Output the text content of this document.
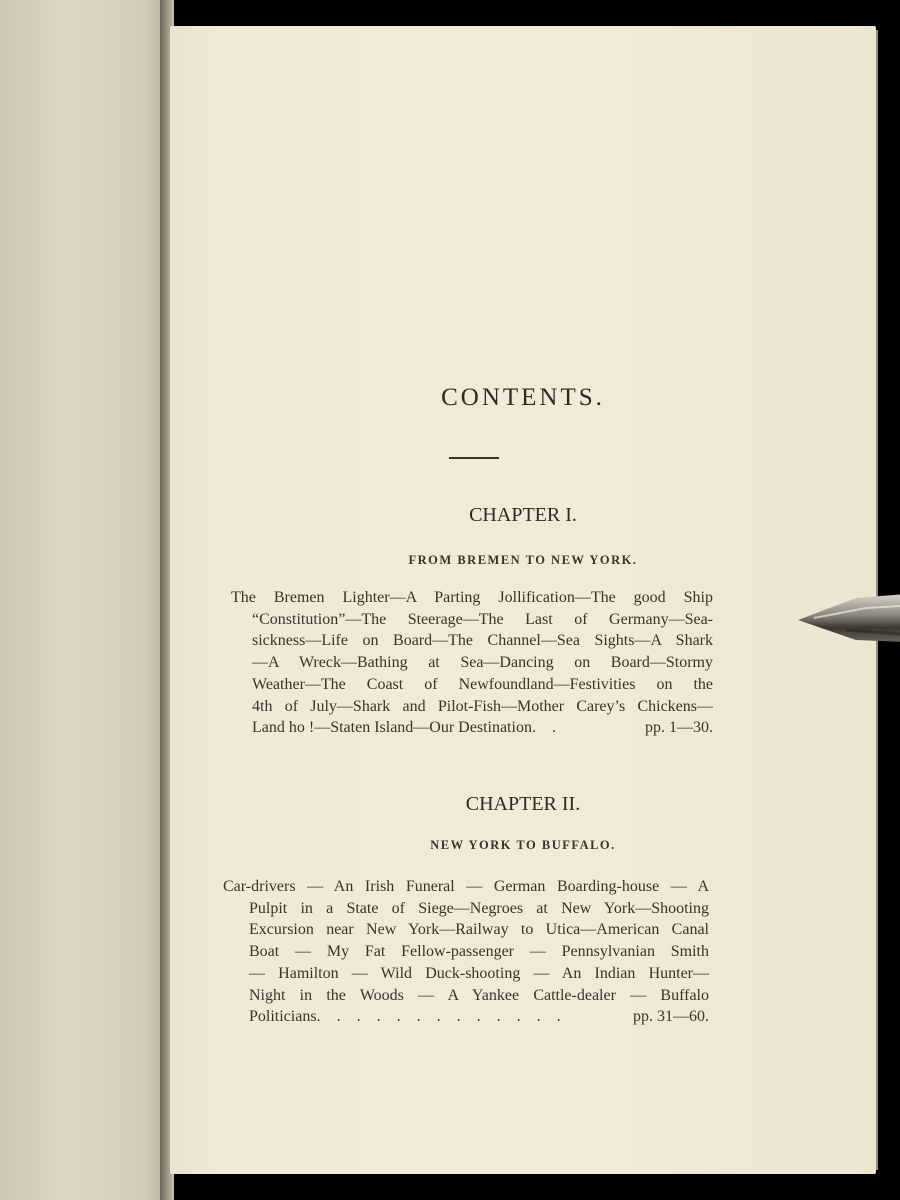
CONTENTS.
CHAPTER I.
FROM BREMEN TO NEW YORK.
The Bremen Lighter—A Parting Jollification—The good Ship
“Constitution”—The Steerage—The Last of Germany—Sea-
sickness—Life on Board—The Channel—Sea Sights—A Shark
—A Wreck—Bathing at Sea—Dancing on Board—Stormy
Weather—The Coast of Newfoundland—Festivities on the
4th of July—Shark and Pilot-Fish—Mother Carey’s Chickens—
Land ho !—Staten Island—Our Destination . .	pp. 1—30.
CHAPTER II.
NEW YORK TO BUFFALO.
Car-drivers — An Irish Funeral — German Boarding-house — A
Pulpit in a State of Siege—Negroes at New York—Shooting
Excursion near New York—Railway to Utica—American Canal
Boat — My Fat Fellow-passenger — Pennsylvanian Smith
— Hamilton — Wild Duck-shooting — An Indian Hunter—
Night in the Woods — A Yankee Cattle-dealer — Buffalo
Politicians . . . . . . . . . . . . .	pp. 31—60.
